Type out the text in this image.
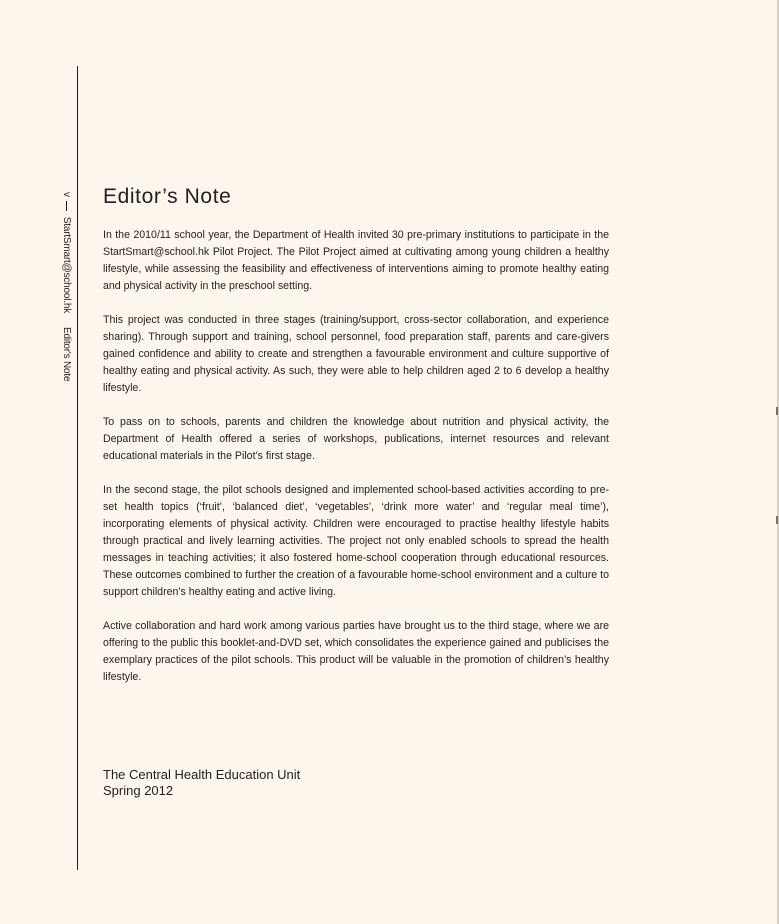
vStartSmart@school.hkEditor's Note
Editor’s Note

In the 2010/11 school year, the Department of Health invited 30 pre-primary institutions to participate in the StartSmart@school.hk Pilot Project. The Pilot Project aimed at cultivating among young children a healthy lifestyle, while assessing the feasibility and effectiveness of interventions aiming to promote healthy eating and physical activity in the preschool setting.

This project was conducted in three stages (training/support, cross-sector collaboration, and experience sharing). Through support and training, school personnel, food preparation staff, parents and care-givers gained confidence and ability to create and strengthen a favourable environment and culture supportive of healthy eating and physical activity. As such, they were able to help children aged 2 to 6 develop a healthy lifestyle.

To pass on to schools, parents and children the knowledge about nutrition and physical activity, the Department of Health offered a series of workshops, publications, internet resources and relevant educational materials in the Pilot’s first stage.

In the second stage, the pilot schools designed and implemented school-based activities according to pre-set health topics (‘fruit’, ‘balanced diet’, ‘vegetables’, ‘drink more water’ and ‘regular meal time’), incorporating elements of physical activity. Children were encouraged to practise healthy lifestyle habits through practical and lively learning activities. The project not only enabled schools to spread the health messages in teaching activities; it also fostered home-school cooperation through educational resources. These outcomes combined to further the creation of a favourable home-school environment and a culture to support children’s healthy eating and active living.

Active collaboration and hard work among various parties have brought us to the third stage, where we are offering to the public this booklet-and-DVD set, which consolidates the experience gained and publicises the exemplary practices of the pilot schools. This product will be valuable in the promotion of children’s healthy lifestyle.

The Central Health Education Unit
Spring 2012
